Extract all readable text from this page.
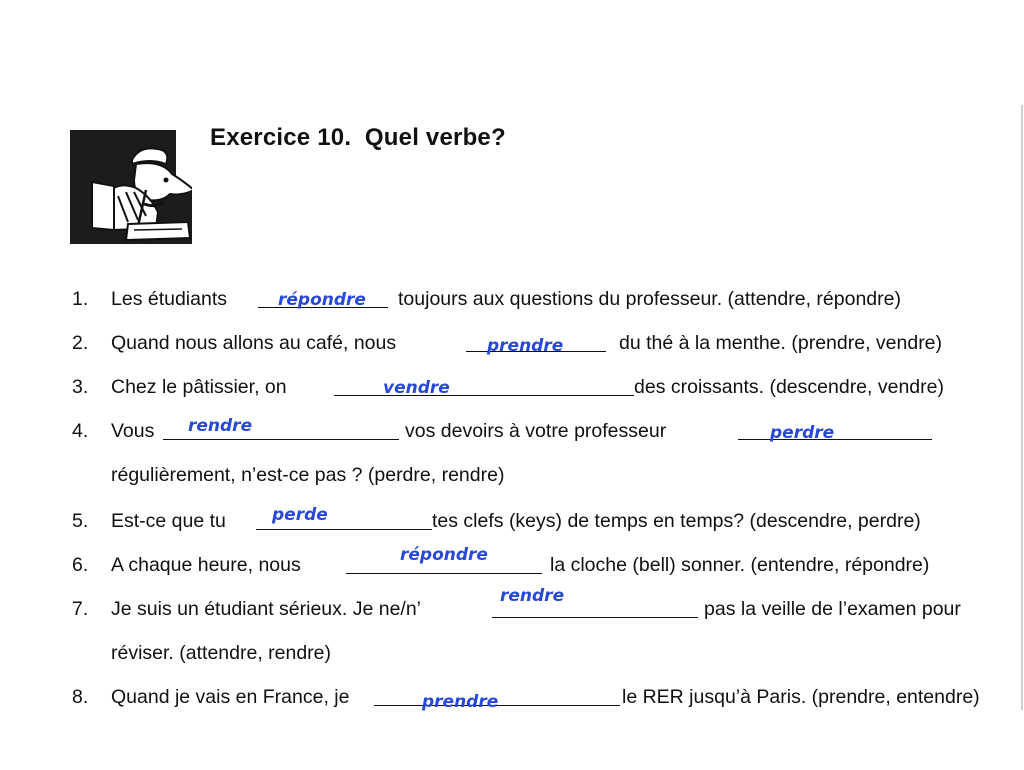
Exercice 10.  Quel verbe?
1.	Les étudiants	toujours aux questions du professeur. (attendre, répondre)
répondre
2.	Quand nous allons au café, nous	du thé à la menthe. (prendre, vendre)
prendre
3.	Chez le pâtissier, on	des croissants. (descendre, vendre)
vendre
4.	Vous	vos devoirs à votre professeur
rendre	perdre
régulièrement, n’est-ce pas ? (perdre, rendre)
5.	Est-ce que tu	tes clefs (keys) de temps en temps? (descendre, perdre)
perde
6.	A chaque heure, nous	la cloche (bell) sonner. (entendre, répondre)
répondre
7.	Je suis un étudiant sérieux. Je ne/n’	pas la veille de l’examen pour
rendre
réviser. (attendre, rendre)
8.	Quand je vais en France, je	le RER jusqu’à Paris. (prendre, entendre)
prendre
